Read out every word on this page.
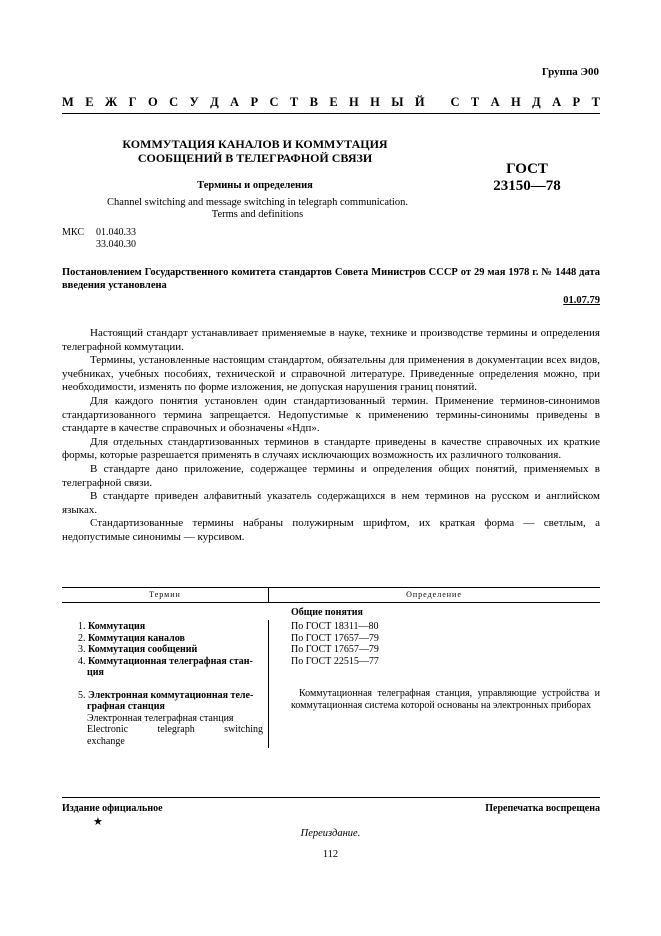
Группа Э00
М Е Ж Г О С У Д А Р С Т В Е Н Н Ы Й
С Т А Н Д А Р Т
КОММУТАЦИЯ КАНАЛОВ И КОММУТАЦИЯ
СООБЩЕНИЙ В ТЕЛЕГРАФНОЙ СВЯЗИ
ГОСТ
23150—78
Термины и определения
Channel switching and message switching in telegraph communication.
Terms and definitions
МКС 01.040.33
33.040.30
Постановлением Государственного комитета стандартов Совета Министров СССР от 29 мая 1978 г. № 1448 дата введения установлена
01.07.79

Настоящий стандарт устанавливает применяемые в науке, технике и производстве термины и определения телеграфной коммутации.

Термины, установленные настоящим стандартом, обязательны для применения в документации всех видов, учебниках, учебных пособиях, технической и справочной литературе. Приведенные определения можно, при необходимости, изменять по форме изложения, не допуская нарушения границ понятий.

Для каждого понятия установлен один стандартизованный термин. Применение терминов-синонимов стандартизованного термина запрещается. Недопустимые к применению термины-синонимы приведены в стандарте в качестве справочных и обозначены «Ндп».

Для отдельных стандартизованных терминов в стандарте приведены в качестве справочных их краткие формы, которые разрешается применять в случаях исключающих возможность их различного толкования.

В стандарте дано приложение, содержащее термины и определения общих понятий, применяемых в телеграфной связи.

В стандарте приведен алфавитный указатель содержащихся в нем терминов на русском и английском языках.

Стандартизованные термины набраны полужирным шрифтом, их краткая форма — светлым, а недопустимые синонимы — курсивом.

Термин	Определение
Общие понятия
1. Коммутация
2. Коммутация каналов
3. Коммутация сообщений
4. Коммутационная телеграфная стан-
ция
5. Электронная коммутационная теле-
графная станция
Электронная телеграфная станция
Electronic telegraph switching
exchange
По ГОСТ 18311—80
По ГОСТ 17657—79
По ГОСТ 17657—79
По ГОСТ 22515—77
Коммутационная телеграфная станция, управляющие устройства и коммутационная система которой основаны на электронных приборах
Издание официальное
★
Перепечатка воспрещена
Переиздание.
112
